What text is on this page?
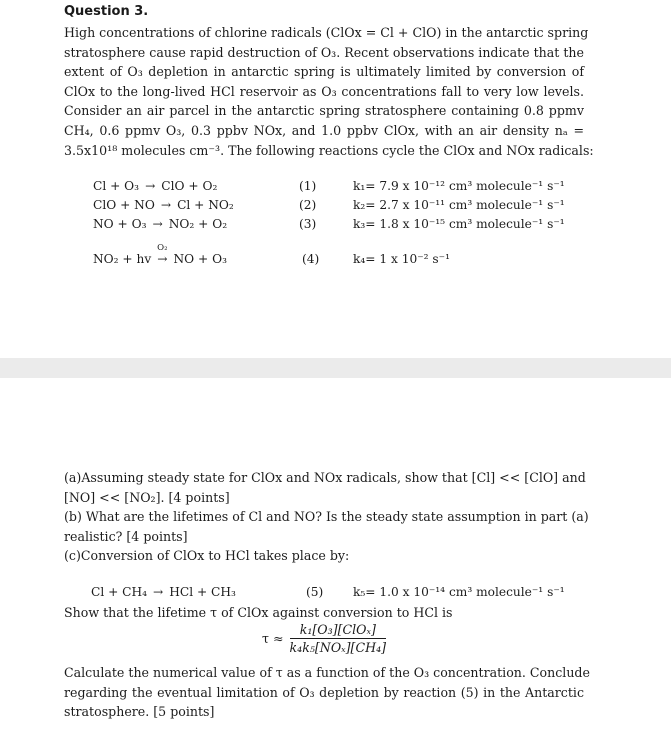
Question 3.
High concentrations of chlorine radicals (ClOx = Cl + ClO) in the antarctic spring
stratosphere cause rapid destruction of O₃. Recent observations indicate that the
extent of O₃ depletion in antarctic spring is ultimately limited by conversion of
ClOx to the long-lived HCl reservoir as O₃ concentrations fall to very low levels.
Consider an air parcel in the antarctic spring stratosphere containing 0.8 ppmv
CH₄, 0.6 ppmv O₃, 0.3 ppbv NOx, and 1.0 ppbv ClOx, with an air density nₐ =
3.5x10¹⁸ molecules cm⁻³. The following reactions cycle the ClOx and NOx radicals:
Cl + O₃ → ClO + O₂	(1)	k₁= 7.9 x 10⁻¹² cm³ molecule⁻¹ s⁻¹
ClO + NO → Cl + NO₂	(2)	k₂= 2.7 x 10⁻¹¹ cm³ molecule⁻¹ s⁻¹
NO + O₃ → NO₂ + O₂	(3)	k₃= 1.8 x 10⁻¹⁵ cm³ molecule⁻¹ s⁻¹
NO₂ + hv
O₂
→ NO + O₃	(4)	k₄= 1 x 10⁻² s⁻¹
(a)Assuming steady state for ClOx and NOx radicals, show that [Cl] << [ClO] and
[NO] << [NO₂]. [4 points]
(b) What are the lifetimes of Cl and NO? Is the steady state assumption in part (a)
realistic? [4 points]
(c)Conversion of ClOx to HCl takes place by:
Cl + CH₄ → HCl + CH₃	(5) k₅= 1.0 x 10⁻¹⁴ cm³ molecule⁻¹ s⁻¹
Show that the lifetime τ of ClOx against conversion to HCl is
$\tau \approx \frac{\text{k₁[O₃][ClOₓ]}}{\text{k₄k₅[NOₓ][CH₄]}}$
Calculate the numerical value of τ as a function of the O₃ concentration. Conclude
regarding the eventual limitation of O₃ depletion by reaction (5) in the Antarctic
stratosphere. [5 points]
